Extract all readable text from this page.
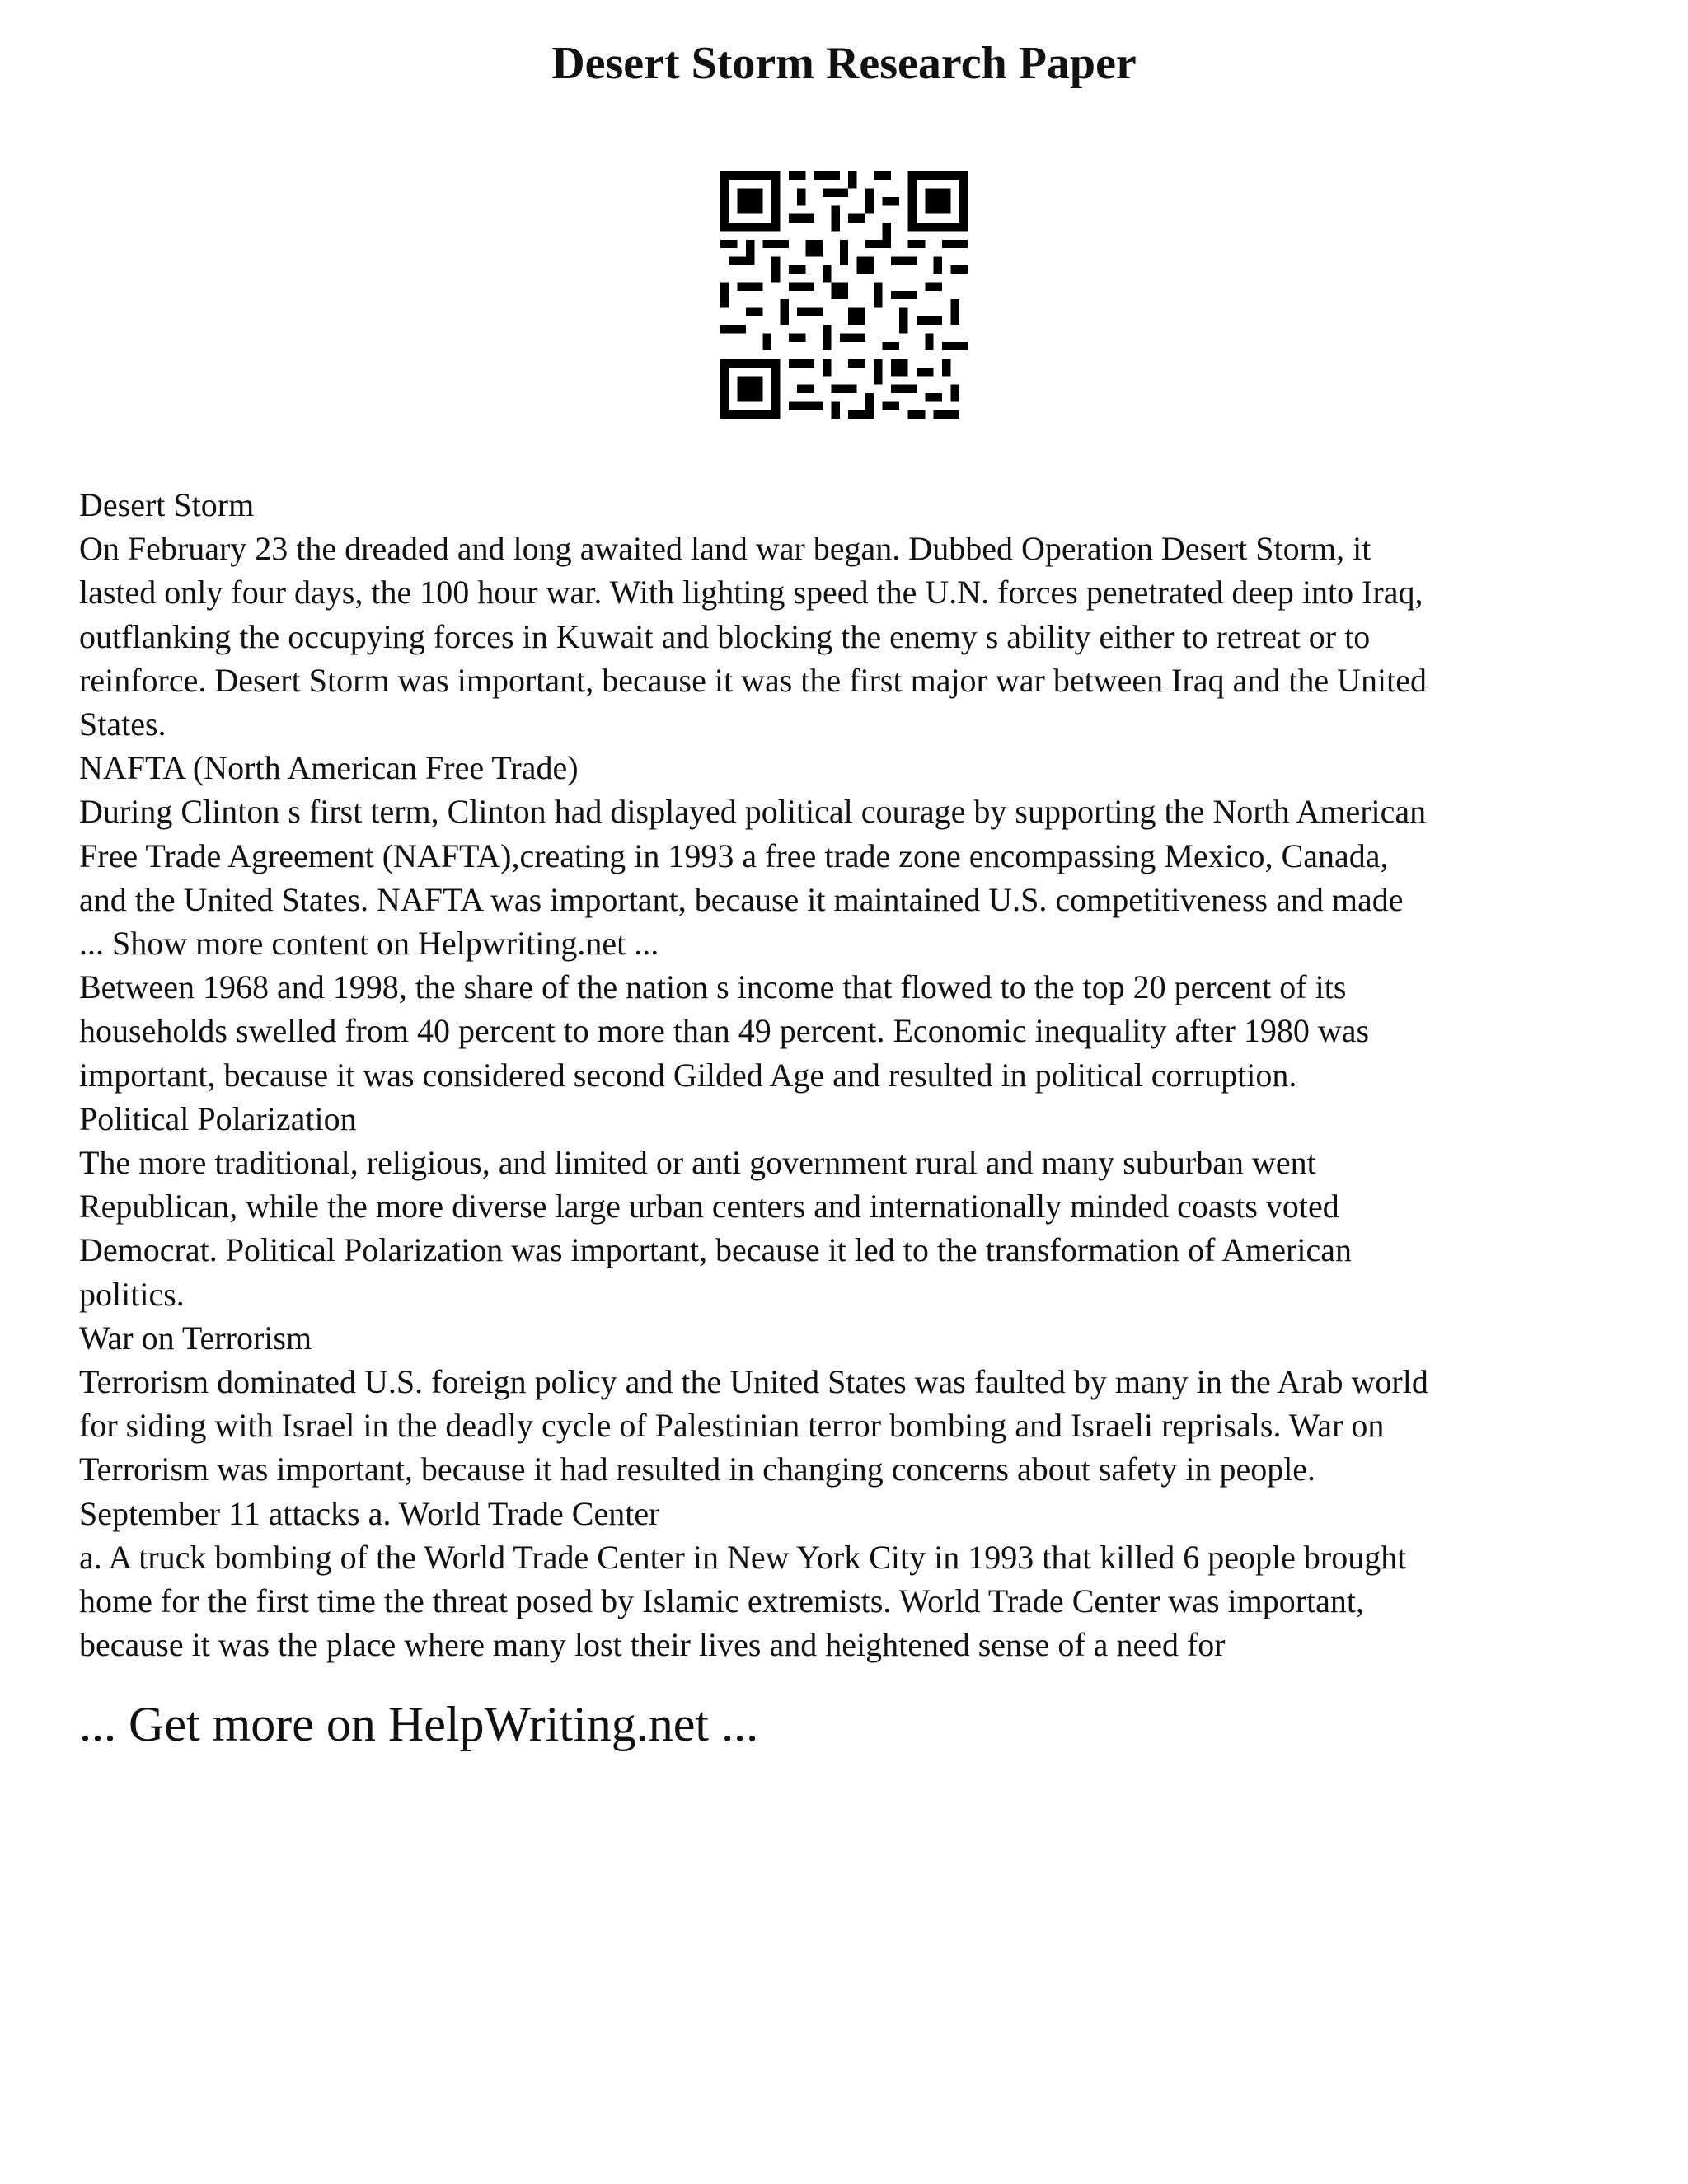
Desert Storm Research Paper
Desert Storm
On February 23 the dreaded and long awaited land war began. Dubbed Operation Desert Storm, it
lasted only four days, the 100 hour war. With lighting speed the U.N. forces penetrated deep into Iraq,
outflanking the occupying forces in Kuwait and blocking the enemy s ability either to retreat or to
reinforce. Desert Storm was important, because it was the first major war between Iraq and the United
States.
NAFTA (North American Free Trade)
During Clinton s first term, Clinton had displayed political courage by supporting the North American
Free Trade Agreement (NAFTA),creating in 1993 a free trade zone encompassing Mexico, Canada,
and the United States. NAFTA was important, because it maintained U.S. competitiveness and made
... Show more content on Helpwriting.net ...
Between 1968 and 1998, the share of the nation s income that flowed to the top 20 percent of its
households swelled from 40 percent to more than 49 percent. Economic inequality after 1980 was
important, because it was considered second Gilded Age and resulted in political corruption.
Political Polarization
The more traditional, religious, and limited or anti government rural and many suburban went
Republican, while the more diverse large urban centers and internationally minded coasts voted
Democrat. Political Polarization was important, because it led to the transformation of American
politics.
War on Terrorism
Terrorism dominated U.S. foreign policy and the United States was faulted by many in the Arab world
for siding with Israel in the deadly cycle of Palestinian terror bombing and Israeli reprisals. War on
Terrorism was important, because it had resulted in changing concerns about safety in people.
September 11 attacks a. World Trade Center
a. A truck bombing of the World Trade Center in New York City in 1993 that killed 6 people brought
home for the first time the threat posed by Islamic extremists. World Trade Center was important,
because it was the place where many lost their lives and heightened sense of a need for
... Get more on HelpWriting.net ...
